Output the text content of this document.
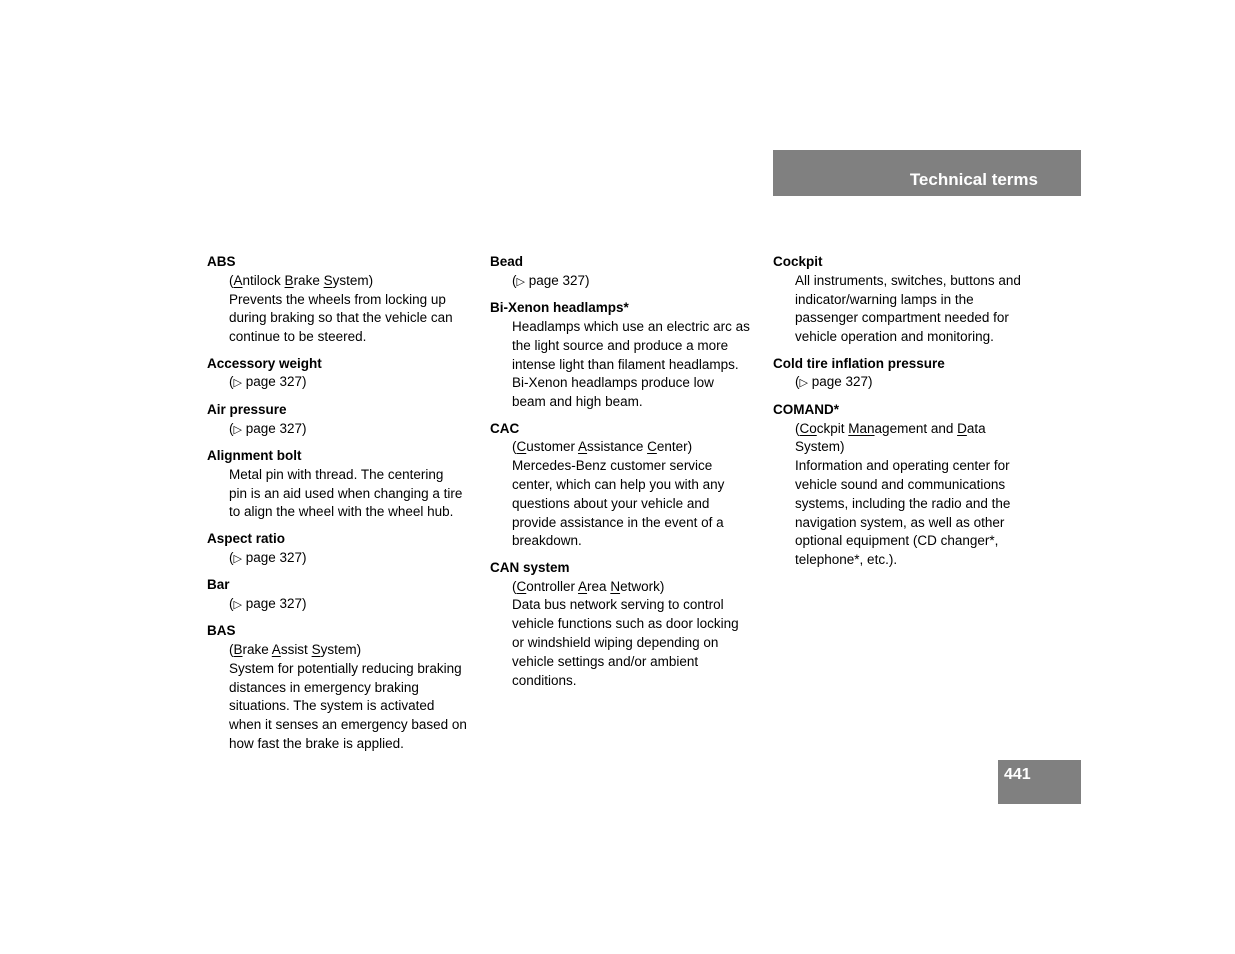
Technical terms
ABS
(Antilock Brake System)
Prevents the wheels from locking up
during braking so that the vehicle can
continue to be steered.
Accessory weight
(▷ page 327)
Air pressure
(▷ page 327)
Alignment bolt
Metal pin with thread. The centering
pin is an aid used when changing a tire
to align the wheel with the wheel hub.
Aspect ratio
(▷ page 327)
Bar
(▷ page 327)
BAS
(Brake Assist System)
System for potentially reducing braking
distances in emergency braking
situations. The system is activated
when it senses an emergency based on
how fast the brake is applied.
Bead
(▷ page 327)
Bi-Xenon headlamps*
Headlamps which use an electric arc as
the light source and produce a more
intense light than filament headlamps.
Bi-Xenon headlamps produce low
beam and high beam.
CAC
(Customer Assistance Center)
Mercedes-Benz customer service
center, which can help you with any
questions about your vehicle and
provide assistance in the event of a
breakdown.
CAN system
(Controller Area Network)
Data bus network serving to control
vehicle functions such as door locking
or windshield wiping depending on
vehicle settings and/or ambient
conditions.
Cockpit
All instruments, switches, buttons and
indicator/warning lamps in the
passenger compartment needed for
vehicle operation and monitoring.
Cold tire inflation pressure
(▷ page 327)
COMAND*
(Cockpit Management and Data
System)
Information and operating center for
vehicle sound and communications
systems, including the radio and the
navigation system, as well as other
optional equipment (CD changer*,
telephone*, etc.).
441
